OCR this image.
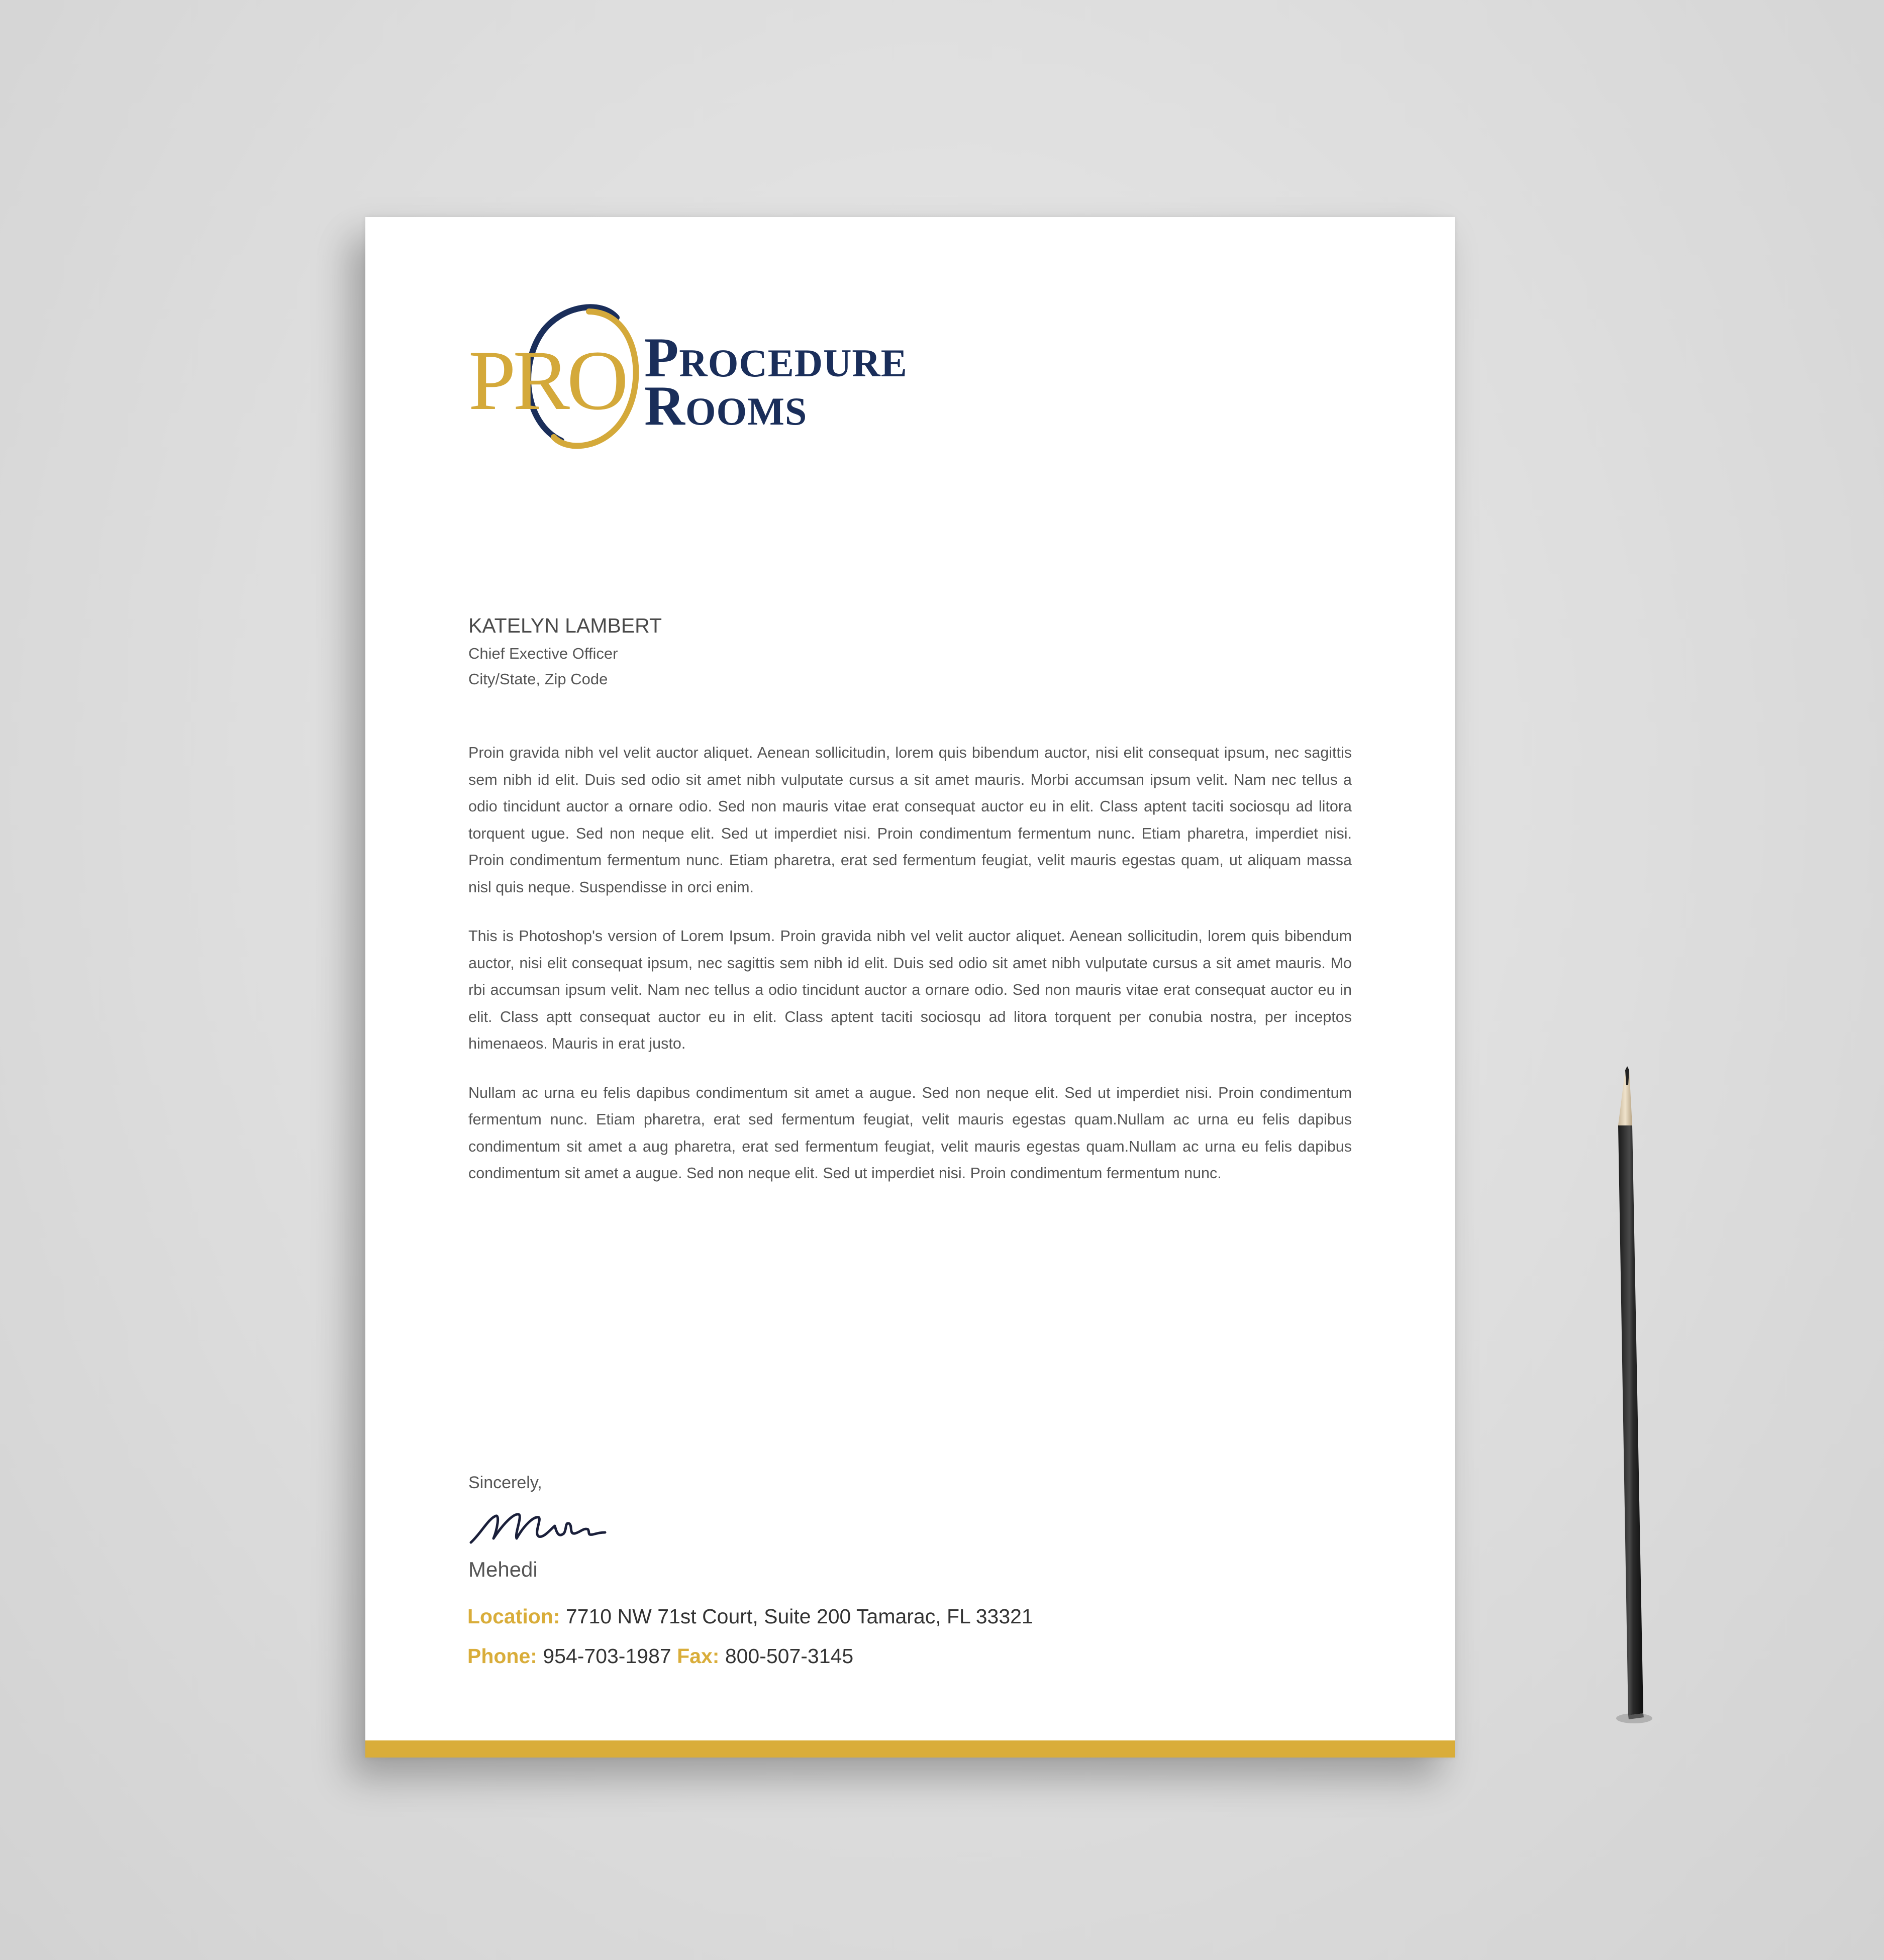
PRO Procedure
Rooms
KATELYN LAMBERT
Chief Exective Officer
City/State, Zip Code

Proin gravida nibh vel velit auctor aliquet. Aenean sollicitudin, lorem quis bibendum auctor, nisi elit consequat ipsum, nec sagittis sem nibh id elit. Duis sed odio sit amet nibh vulputate cursus a sit amet mauris. Morbi accumsan ipsum velit. Nam nec tellus a odio tincidunt auctor a ornare odio. Sed non mauris vitae erat consequat auctor eu in elit. Class aptent taciti sociosqu ad litora torquent ugue. Sed non neque elit. Sed ut imperdiet nisi. Proin condimentum fermentum nunc. Etiam pharetra, imperdiet nisi. Proin condimentum fermentum nunc. Etiam pharetra, erat sed fermentum feugiat, velit mauris egestas quam, ut aliquam massa nisl quis neque. Suspendisse in orci enim.

This is Photoshop's version of Lorem Ipsum. Proin gravida nibh vel velit auctor aliquet. Aenean sollicitudin, lorem quis bibendum auctor, nisi elit consequat ipsum, nec sagittis sem nibh id elit. Duis sed odio sit amet nibh vulputate cursus a sit amet mauris. Mo rbi accumsan ipsum velit. Nam nec tellus a odio tincidunt auctor a ornare odio. Sed non mauris vitae erat consequat auctor eu in elit. Class aptt consequat auctor eu in elit. Class aptent taciti sociosqu ad litora torquent per conubia nostra, per inceptos himenaeos. Mauris in erat justo.

Nullam ac urna eu felis dapibus condimentum sit amet a augue. Sed non neque elit. Sed ut imperdiet nisi. Proin condimentum fermentum nunc. Etiam pharetra, erat sed fermentum feugiat, velit mauris egestas quam.Nullam ac urna eu felis dapibus condimentum sit amet a aug pharetra, erat sed fermentum feugiat, velit mauris egestas quam.Nullam ac urna eu felis dapibus condimentum sit amet a augue. Sed non neque elit. Sed ut imperdiet nisi. Proin condimentum fermentum nunc.

Sincerely,
Mehedi
Location: 7710 NW 71st Court, Suite 200 Tamarac, FL 33321
Phone: 954-703-1987 Fax: 800-507-3145
